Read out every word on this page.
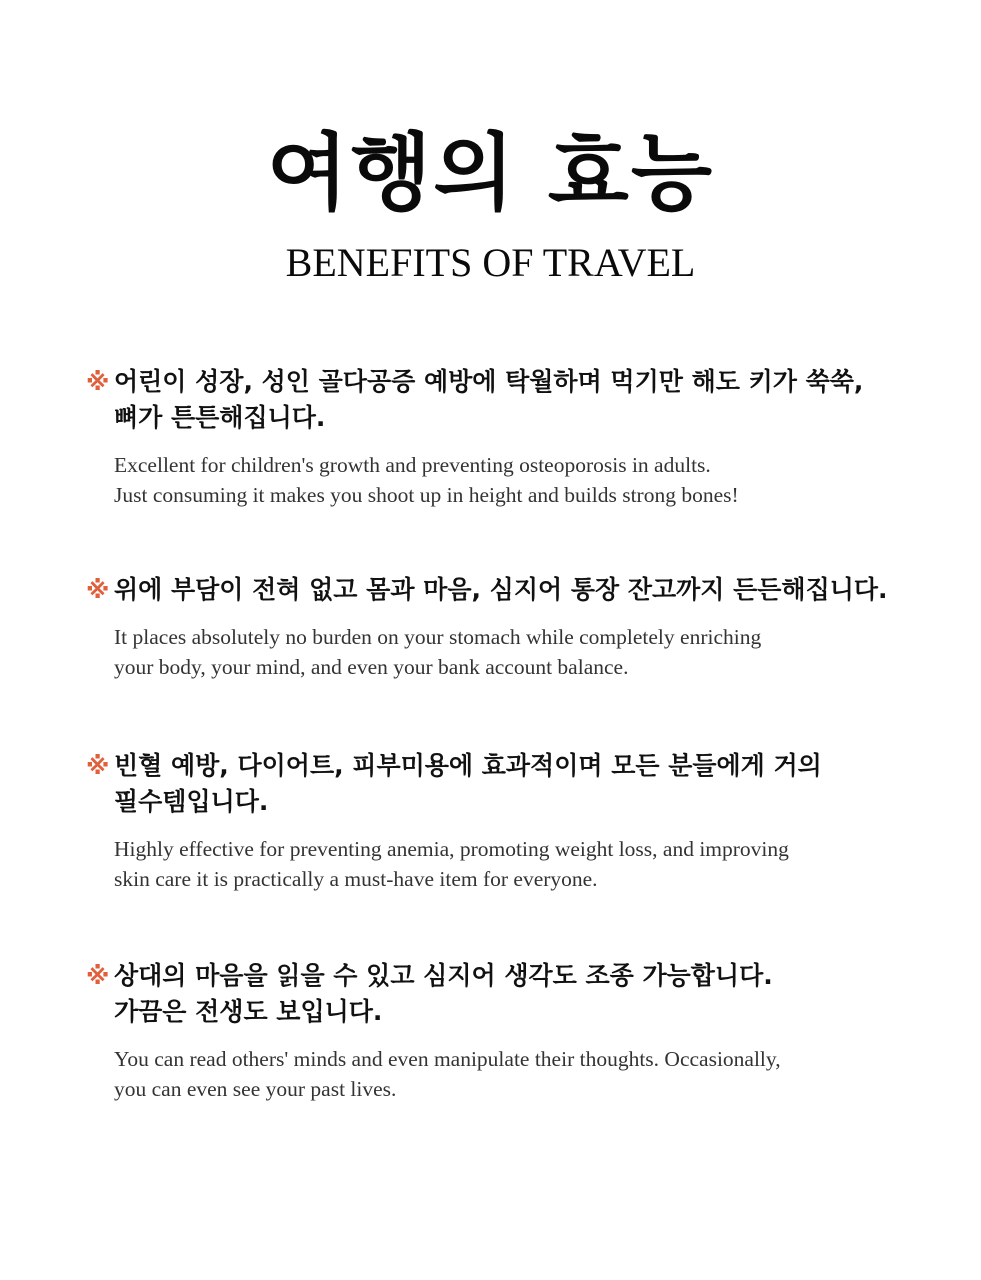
여행의 효능
BENEFITS OF TRAVEL
※ 어린이 성장, 성인 골다공증 예방에 탁월하며 먹기만 해도 키가 쑥쑥,
뼈가 튼튼해집니다.
Excellent for children's growth and preventing osteoporosis in adults.
Just consuming it makes you shoot up in height and builds strong bones!
※ 위에 부담이 전혀 없고 몸과 마음, 심지어 통장 잔고까지 든든해집니다.
It places absolutely no burden on your stomach while completely enriching
your body, your mind, and even your bank account balance.
※ 빈혈 예방, 다이어트, 피부미용에 효과적이며 모든 분들에게 거의
필수템입니다.
Highly effective for preventing anemia, promoting weight loss, and improving
skin care it is practically a must-have item for everyone.
※ 상대의 마음을 읽을 수 있고 심지어 생각도 조종 가능합니다.
가끔은 전생도 보입니다.
You can read others' minds and even manipulate their thoughts. Occasionally,
you can even see your past lives.
